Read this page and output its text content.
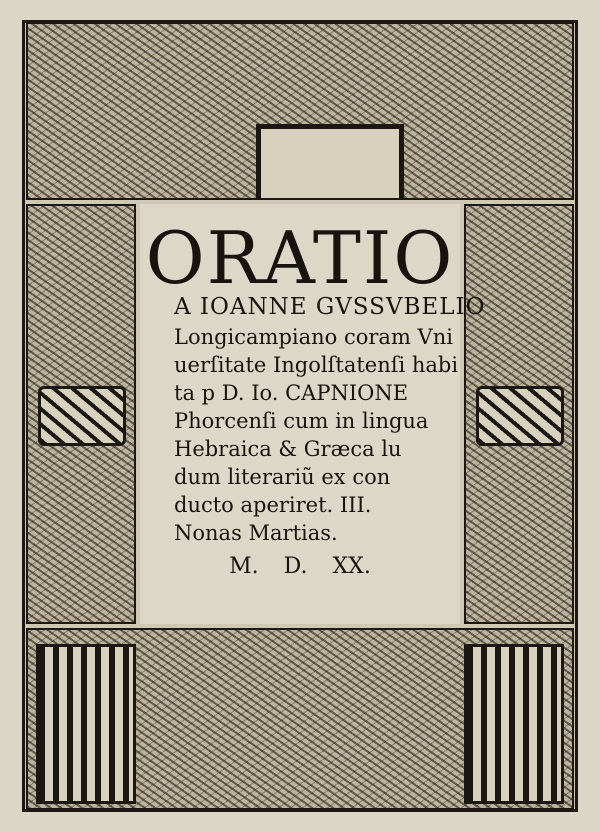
ORATIO
A IOANNE GVSSVBELIO
Longicampiano coram Vni
uerſitate Ingolſtatenſi habi
ta p D. Io. CAPNIONE
Phorcenſi cum in lingua
Hebraica & Græca lu
dum literariũ ex con
ducto aperiret. III.
Nonas Martias.
M. D. XX.
